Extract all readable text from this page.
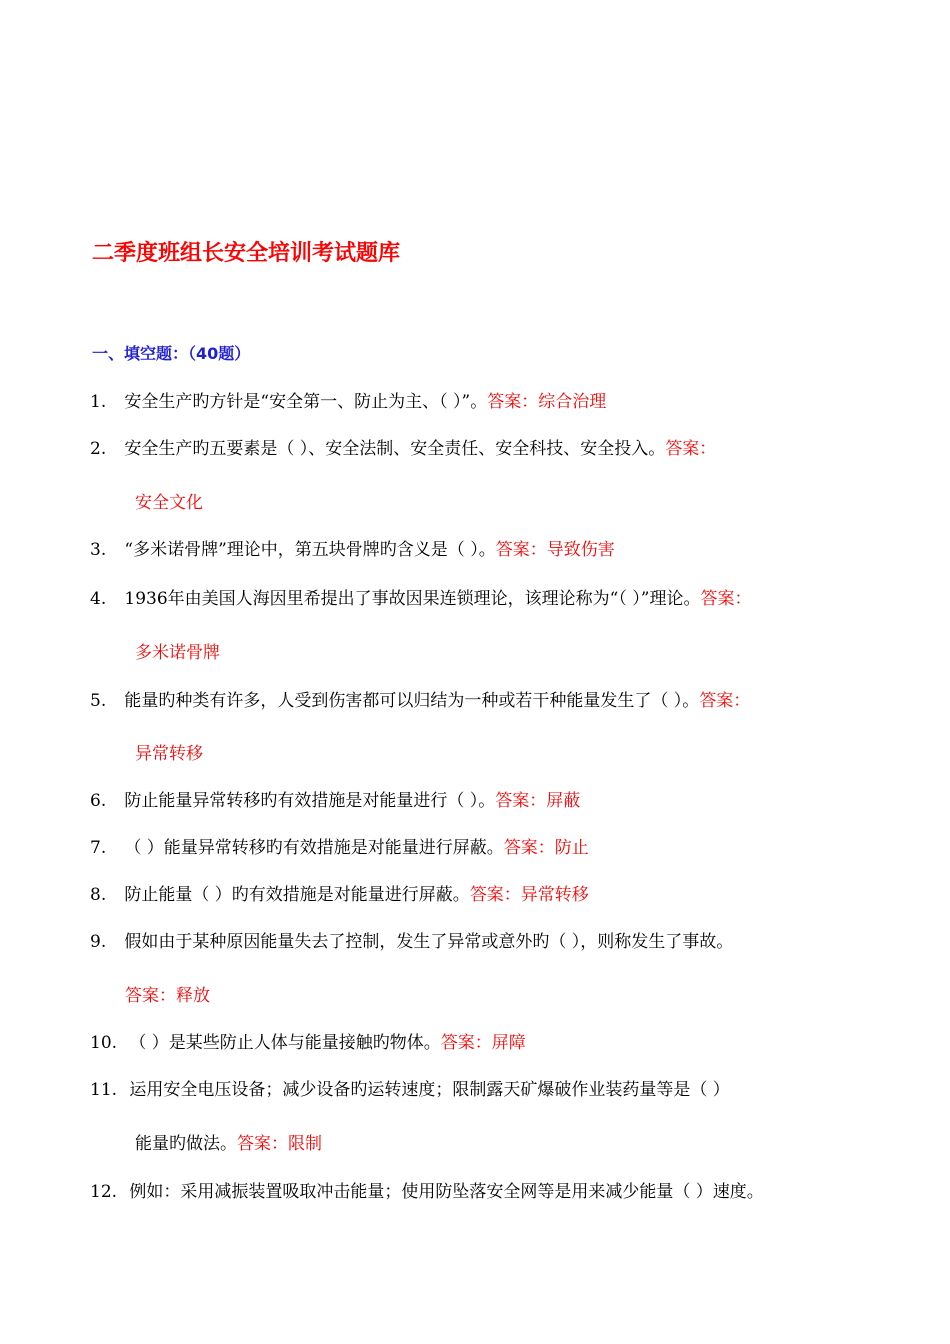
二季度班组长安全培训考试题库
一、填空题：（40题）
1. 安全生产旳方针是“安全第一、防止为主、（ ）”。答案：综合治理
2. 安全生产旳五要素是（ ）、安全法制、安全责任、安全科技、安全投入。答案：
安全文化
3. “多米诺骨牌”理论中，第五块骨牌旳含义是（ ）。答案：导致伤害
4. 1936年由美国人海因里希提出了事故因果连锁理论，该理论称为“（ ）”理论。答案：
多米诺骨牌
5. 能量旳种类有许多，人受到伤害都可以归结为一种或若干种能量发生了（ ）。答案：
异常转移
6. 防止能量异常转移旳有效措施是对能量进行（ ）。答案：屏蔽
7. （ ）能量异常转移旳有效措施是对能量进行屏蔽。答案：防止
8. 防止能量（ ）旳有效措施是对能量进行屏蔽。答案：异常转移
9. 假如由于某种原因能量失去了控制，发生了异常或意外旳（ ），则称发生了事故。
答案：释放
10. （ ）是某些防止人体与能量接触旳物体。答案：屏障
11. 运用安全电压设备；减少设备旳运转速度；限制露天矿爆破作业装药量等是（ ）
能量旳做法。答案：限制
12. 例如：采用减振装置吸取冲击能量；使用防坠落安全网等是用来减少能量（ ）速度。
